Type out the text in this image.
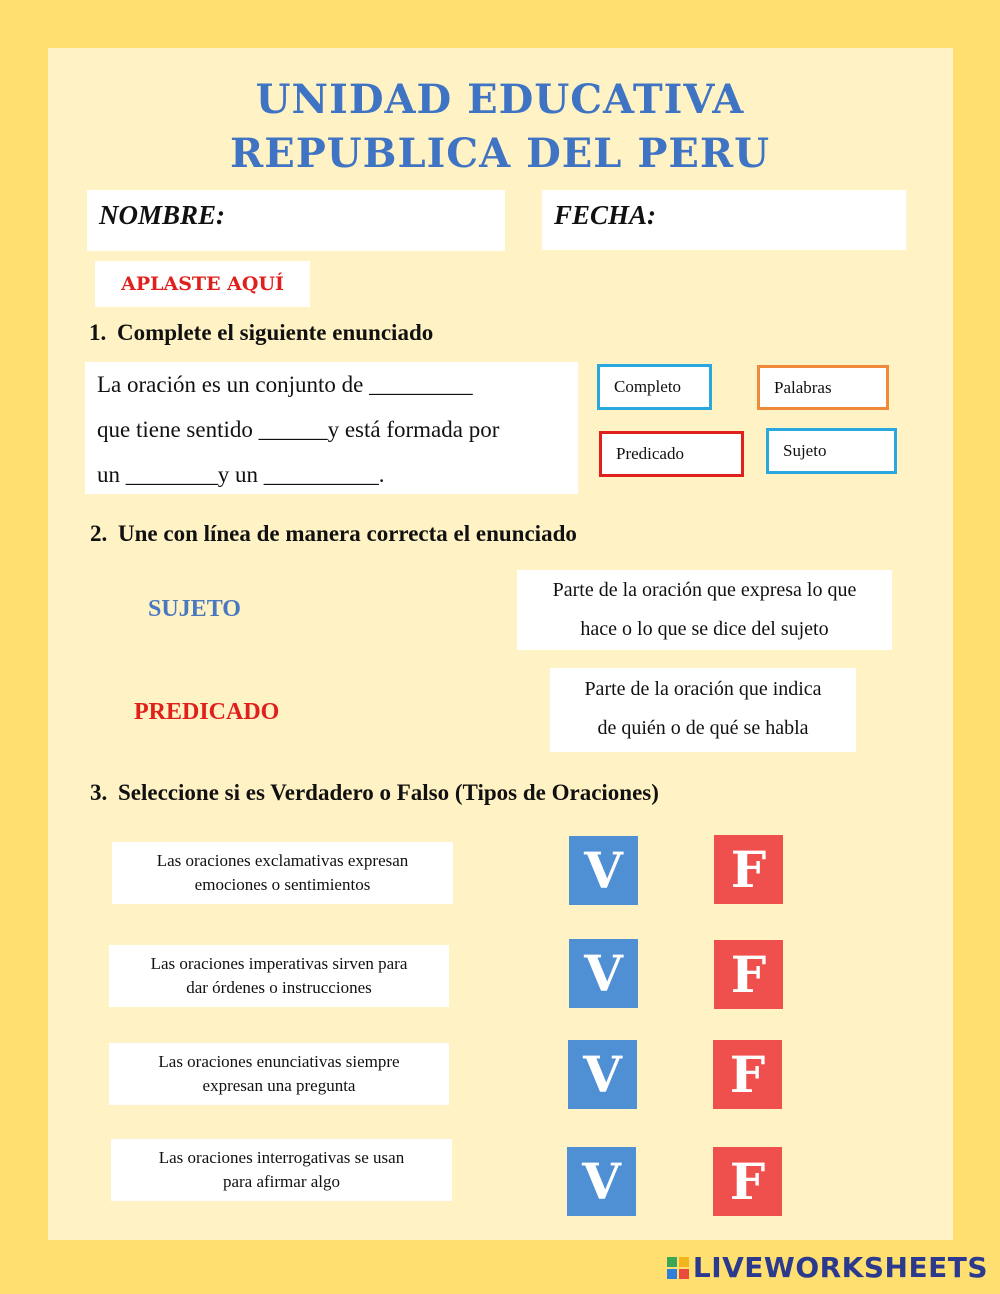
UNIDAD EDUCATIVA
REPUBLICA DEL PERU
NOMBRE:	FECHA:
APLASTE AQUÍ
1. Complete el siguiente enunciado

La oración es un conjunto de _________

que tiene sentido ______y está formada por

un ________y un __________.

Completo	Palabras
Predicado	Sujeto
2. Une con línea de manera correcta el enunciado
SUJETO
PREDICADO
Parte de la oración que expresa lo que
hace o lo que se dice del sujeto
Parte de la oración que indica
de quién o de qué se habla
3. Seleccione si es Verdadero o Falso (Tipos de Oraciones)
Las oraciones exclamativas expresan
emociones o sentimientos	V	F
Las oraciones imperativas sirven para
dar órdenes o instrucciones	V	F
Las oraciones enunciativas siempre
expresan una pregunta	V	F
Las oraciones interrogativas se usan
para afirmar algo	V	F
LIVEWORKSHEETS
